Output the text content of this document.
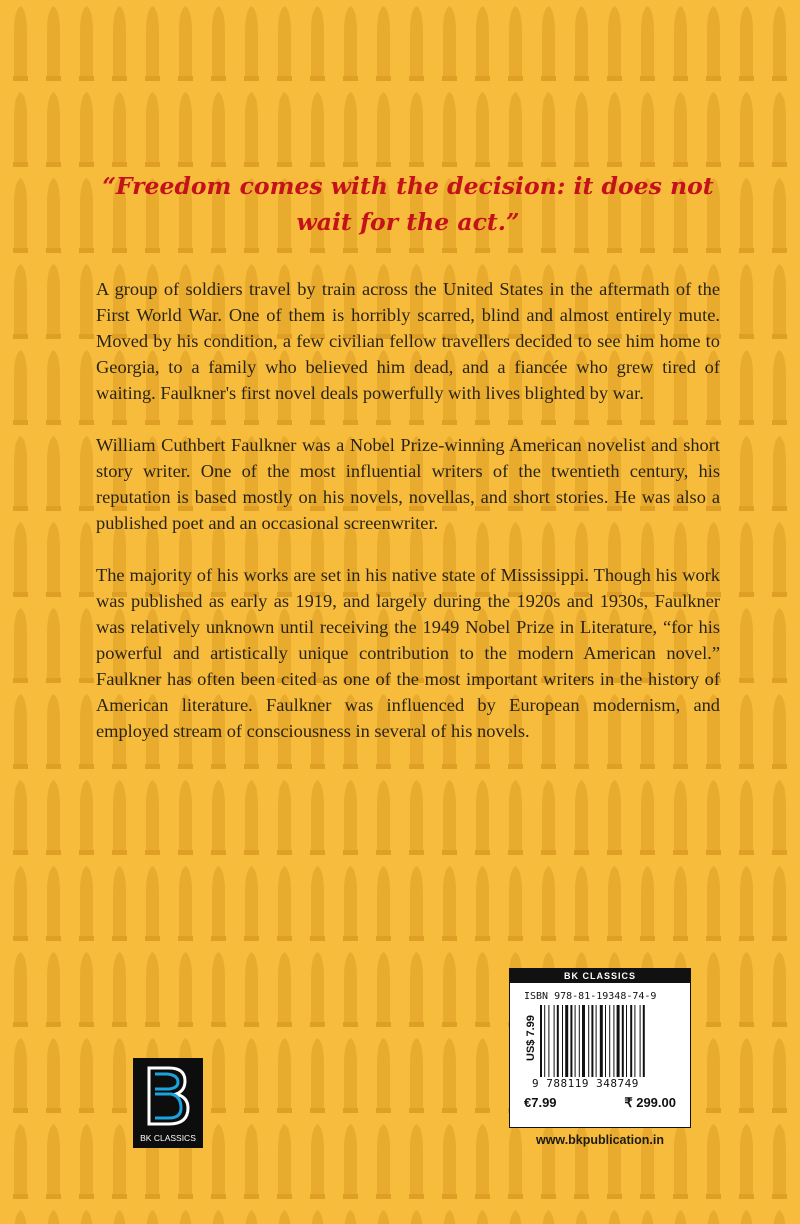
“Freedom comes with the decision: it does not wait for the act.”

A group of soldiers travel by train across the United States in the aftermath of the First World War. One of them is horribly scarred, blind and almost entirely mute. Moved by his condition, a few civilian fellow travellers decided to see him home to Georgia, to a family who believed him dead, and a fiancée who grew tired of waiting. Faulkner's first novel deals powerfully with lives blighted by war.

William Cuthbert Faulkner was a Nobel Prize-winning American novelist and short story writer. One of the most influential writers of the twentieth century, his reputation is based mostly on his novels, novellas, and short stories. He was also a published poet and an occasional screenwriter.

The majority of his works are set in his native state of Mississippi. Though his work was published as early as 1919, and largely during the 1920s and 1930s, Faulkner was relatively unknown until receiving the 1949 Nobel Prize in Literature, “for his powerful and artistically unique contribution to the modern American novel.” Faulkner has often been cited as one of the most important writers in the history of American literature. Faulkner was influenced by European modernism, and employed stream of consciousness in several of his novels.

BK CLASSICS
BK CLASSICS
ISBN 978-81-19348-74-9
US$ 7.99
9 788119 348749
€7.99	₹ 299.00
www.bkpublication.in
